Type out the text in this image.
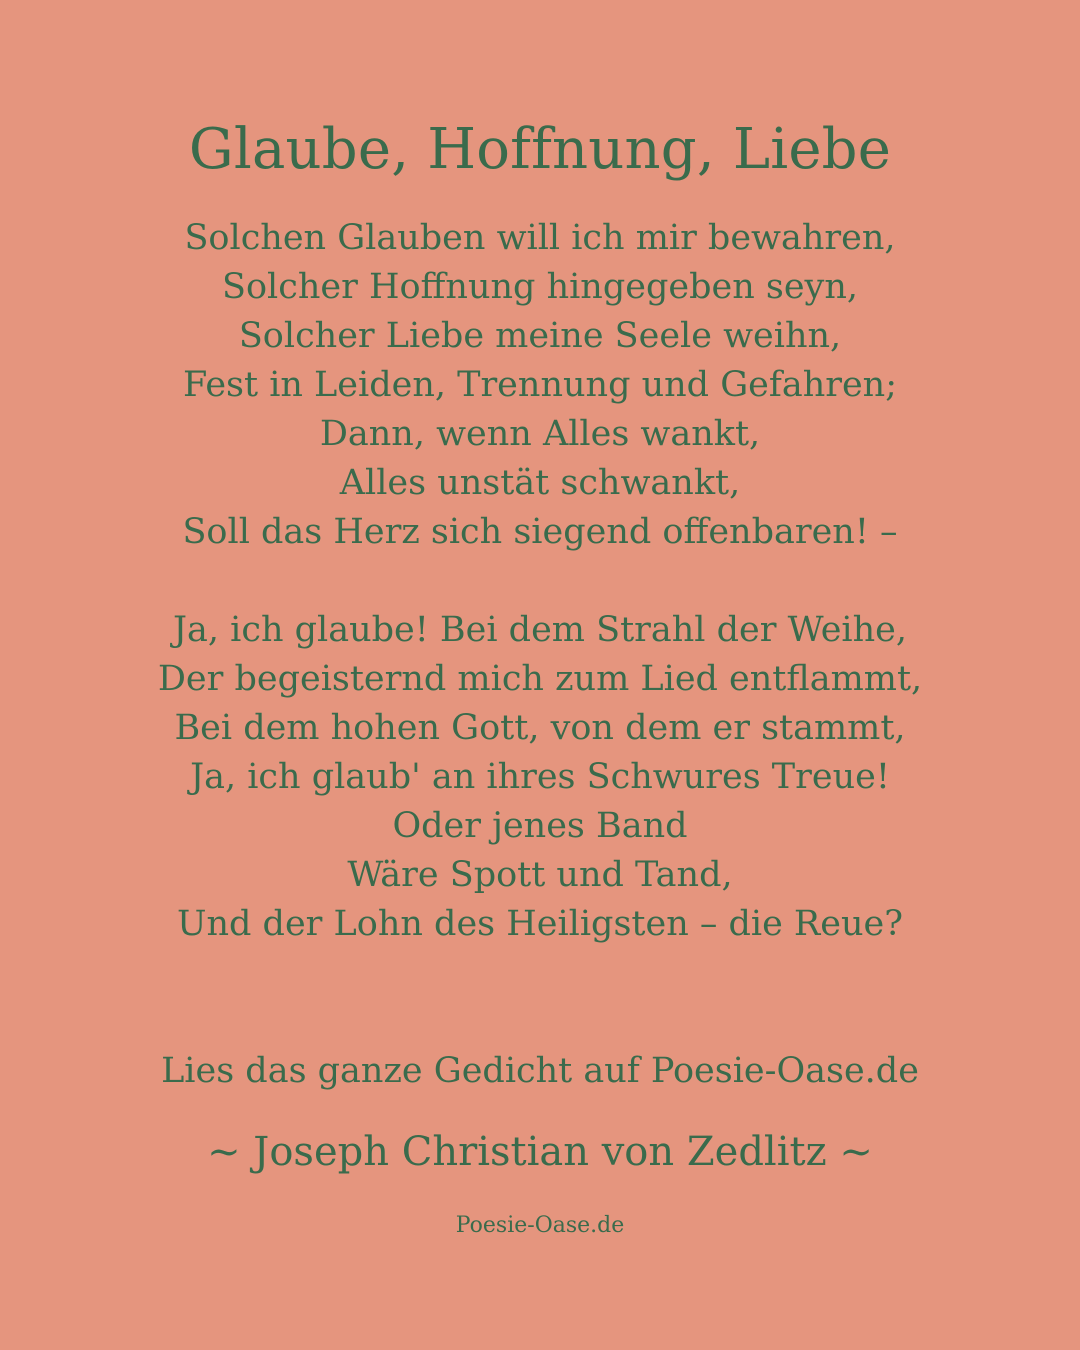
Glaube, Hoffnung, Liebe
Solchen Glauben will ich mir bewahren,
Solcher Hoffnung hingegeben seyn,
Solcher Liebe meine Seele weihn,
Fest in Leiden, Trennung und Gefahren;
Dann, wenn Alles wankt,
Alles unstät schwankt,
Soll das Herz sich siegend offenbaren! –
Ja, ich glaube! Bei dem Strahl der Weihe,
Der begeisternd mich zum Lied entflammt,
Bei dem hohen Gott, von dem er stammt,
Ja, ich glaub' an ihres Schwures Treue!
Oder jenes Band
Wäre Spott und Tand,
Und der Lohn des Heiligsten – die Reue?
Lies das ganze Gedicht auf Poesie-Oase.de
~ Joseph Christian von Zedlitz ~
Poesie-Oase.de
